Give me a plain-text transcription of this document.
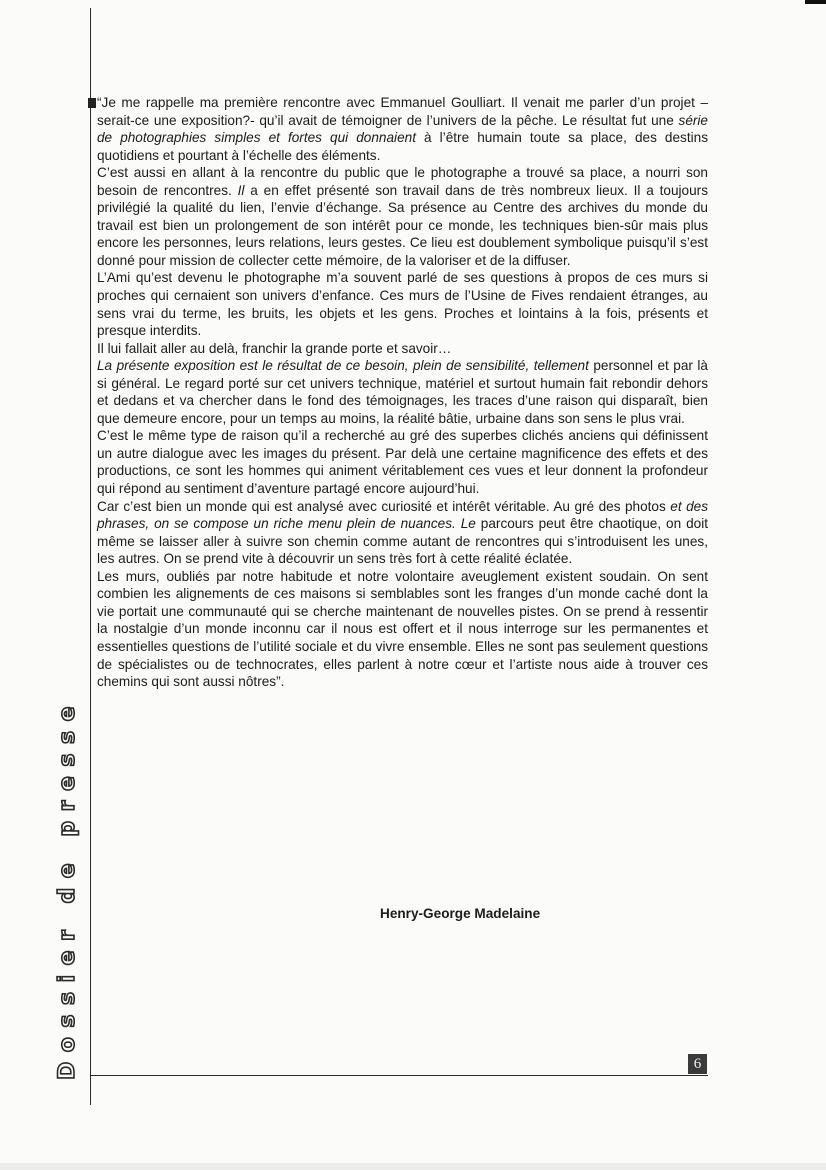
Dossier de presse

“Je me rappelle ma première rencontre avec Emmanuel Goulliart. Il venait me parler d’un projet –serait-ce une exposition?- qu’il avait de témoigner de l’univers de la pêche. Le résultat fut une série de photographies simples et fortes qui donnaient à l’être humain toute sa place, des destins quotidiens et pourtant à l’échelle des éléments.

C’est aussi en allant à la rencontre du public que le photographe a trouvé sa place, a nourri son besoin de rencontres. Il a en effet présenté son travail dans de très nombreux lieux. Il a toujours privilégié la qualité du lien, l’envie d’échange. Sa présence au Centre des archives du monde du travail est bien un prolongement de son intérêt pour ce monde, les techniques bien-sûr mais plus encore les personnes, leurs relations, leurs gestes. Ce lieu est doublement symbolique puisqu’il s’est donné pour mission de collecter cette mémoire, de la valoriser et de la diffuser.

L’Ami qu’est devenu le photographe m’a souvent parlé de ses questions à propos de ces murs si proches qui cernaient son univers d’enfance. Ces murs de l’Usine de Fives rendaient étranges, au sens vrai du terme, les bruits, les objets et les gens. Proches et lointains à la fois, présents et presque interdits.

Il lui fallait aller au delà, franchir la grande porte et savoir…

La présente exposition est le résultat de ce besoin, plein de sensibilité, tellement personnel et par là si général. Le regard porté sur cet univers technique, matériel et surtout humain fait rebondir dehors et dedans et va chercher dans le fond des témoignages, les traces d’une raison qui disparaît, bien que demeure encore, pour un temps au moins, la réalité bâtie, urbaine dans son sens le plus vrai.

C’est le même type de raison qu’il a recherché au gré des superbes clichés anciens qui définissent un autre dialogue avec les images du présent. Par delà une certaine magnificence des effets et des productions, ce sont les hommes qui animent véritablement ces vues et leur donnent la profondeur qui répond au sentiment d’aventure partagé encore aujourd’hui.

Car c’est bien un monde qui est analysé avec curiosité et intérêt véritable. Au gré des photos et des phrases, on se compose un riche menu plein de nuances. Le parcours peut être chaotique, on doit même se laisser aller à suivre son chemin comme autant de rencontres qui s’introduisent les unes, les autres. On se prend vite à découvrir un sens très fort à cette réalité éclatée.

Les murs, oubliés par notre habitude et notre volontaire aveuglement existent soudain. On sent combien les alignements de ces maisons si semblables sont les franges d’un monde caché dont la vie portait une communauté qui se cherche maintenant de nouvelles pistes. On se prend à ressentir la nostalgie d’un monde inconnu car il nous est offert et il nous interroge sur les permanentes et essentielles questions de l’utilité sociale et du vivre ensemble. Elles ne sont pas seulement questions de spécialistes ou de technocrates, elles parlent à notre cœur et l’artiste nous aide à trouver ces chemins qui sont aussi nôtres”.

Henry-George Madelaine
6
